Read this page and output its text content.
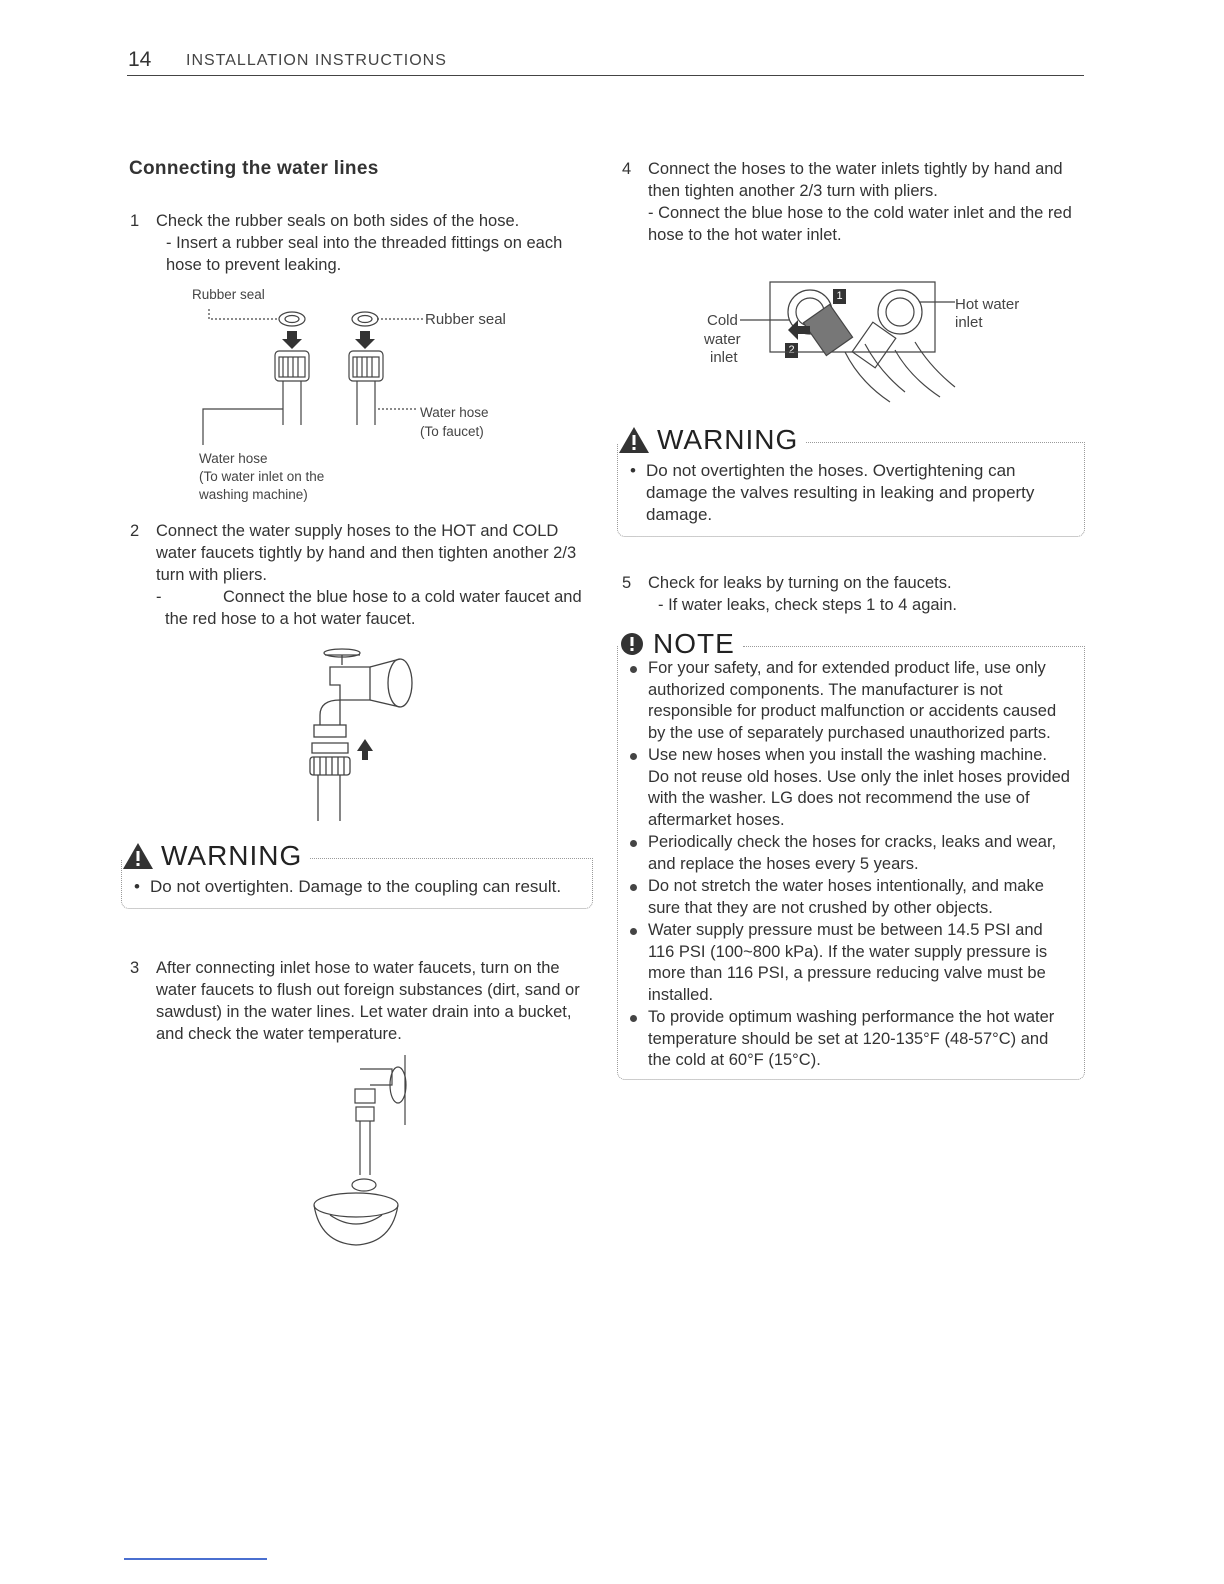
14 INSTALLATION INSTRUCTIONS
Connecting the water lines
1 Check the rubber seals on both sides of the hose.
- Insert a rubber seal into the threaded fittings on each hose to prevent leaking.
Rubber seal
Rubber seal
Water hose
(To faucet)
Water hose
(To water inlet on the
washing machine)
2 Connect the water supply hoses to the HOT and COLD water faucets tightly by hand and then tighten another 2/3 turn with pliers.
-	Connect the blue hose to a cold water faucet and the red hose to a hot water faucet.
WARNING
• Do not overtighten. Damage to the coupling can result.
3 After connecting inlet hose to water faucets, turn on the water faucets to flush out foreign substances (dirt, sand or sawdust) in the water lines. Let water drain into a bucket, and check the water temperature.
4 Connect the hoses to the water inlets tightly by hand and then tighten another 2/3 turn with pliers.
- Connect the blue hose to the cold water inlet and the red hose to the hot water inlet.
Cold
water
inlet
Hot water
inlet
1
2
WARNING
• Do not overtighten the hoses. Overtightening can damage the valves resulting in leaking and property damage.
5 Check for leaks by turning on the faucets.
- If water leaks, check steps 1 to 4 again.
NOTE
For your safety, and for extended product life, use only authorized components. The manufacturer is not responsible for product malfunction or accidents caused by the use of separately purchased unauthorized parts.
Use new hoses when you install the washing machine. Do not reuse old hoses. Use only the inlet hoses provided with the washer. LG does not recommend the use of aftermarket hoses.
Periodically check the hoses for cracks, leaks and wear, and replace the hoses every 5 years.
Do not stretch the water hoses intentionally, and make sure that they are not crushed by other objects.
Water supply pressure must be between 14.5 PSI and 116 PSI (100~800 kPa). If the water supply pressure is more than 116 PSI, a pressure reducing valve must be installed.
To provide optimum washing performance the hot water temperature should be set at 120-135°F (48-57°C) and the cold at 60°F (15°C).
